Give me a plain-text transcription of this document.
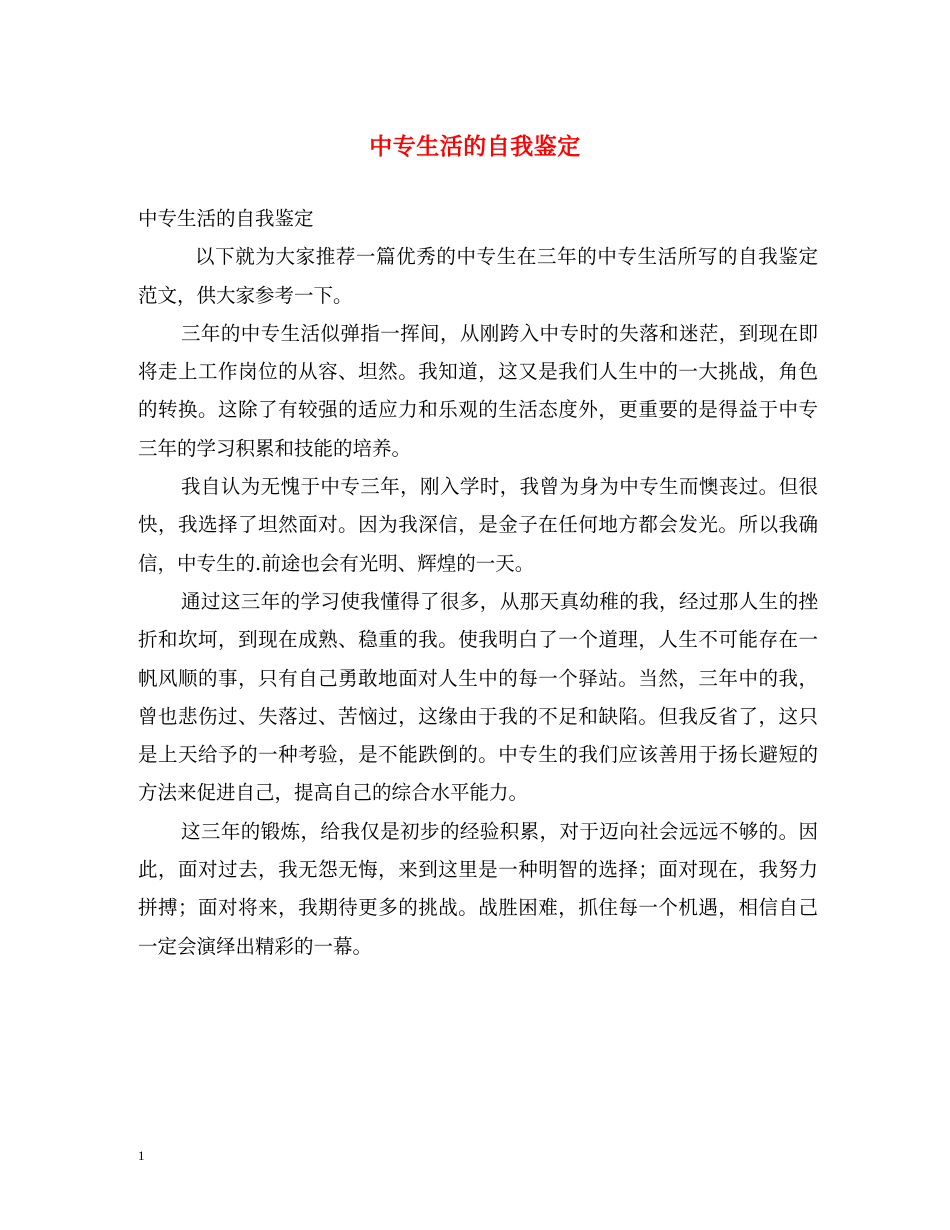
中专生活的自我鉴定

中专生活的自我鉴定

以下就为大家推荐一篇优秀的中专生在三年的中专生活所写的自我鉴定范文，供大家参考一下。

三年的中专生活似弹指一挥间，从刚跨入中专时的失落和迷茫，到现在即将走上工作岗位的从容、坦然。我知道，这又是我们人生中的一大挑战，角色的转换。这除了有较强的适应力和乐观的生活态度外，更重要的是得益于中专三年的学习积累和技能的培养。

我自认为无愧于中专三年，刚入学时，我曾为身为中专生而懊丧过。但很快，我选择了坦然面对。因为我深信，是金子在任何地方都会发光。所以我确信，中专生的.前途也会有光明、辉煌的一天。

通过这三年的学习使我懂得了很多，从那天真幼稚的我，经过那人生的挫折和坎坷，到现在成熟、稳重的我。使我明白了一个道理，人生不可能存在一帆风顺的事，只有自己勇敢地面对人生中的每一个驿站。当然，三年中的我，曾也悲伤过、失落过、苦恼过，这缘由于我的不足和缺陷。但我反省了，这只是上天给予的一种考验，是不能跌倒的。中专生的我们应该善用于扬长避短的方法来促进自己，提高自己的综合水平能力。

这三年的锻炼，给我仅是初步的经验积累，对于迈向社会远远不够的。因此，面对过去，我无怨无悔，来到这里是一种明智的选择；面对现在，我努力拼搏；面对将来，我期待更多的挑战。战胜困难，抓住每一个机遇，相信自己一定会演绎出精彩的一幕。

1
